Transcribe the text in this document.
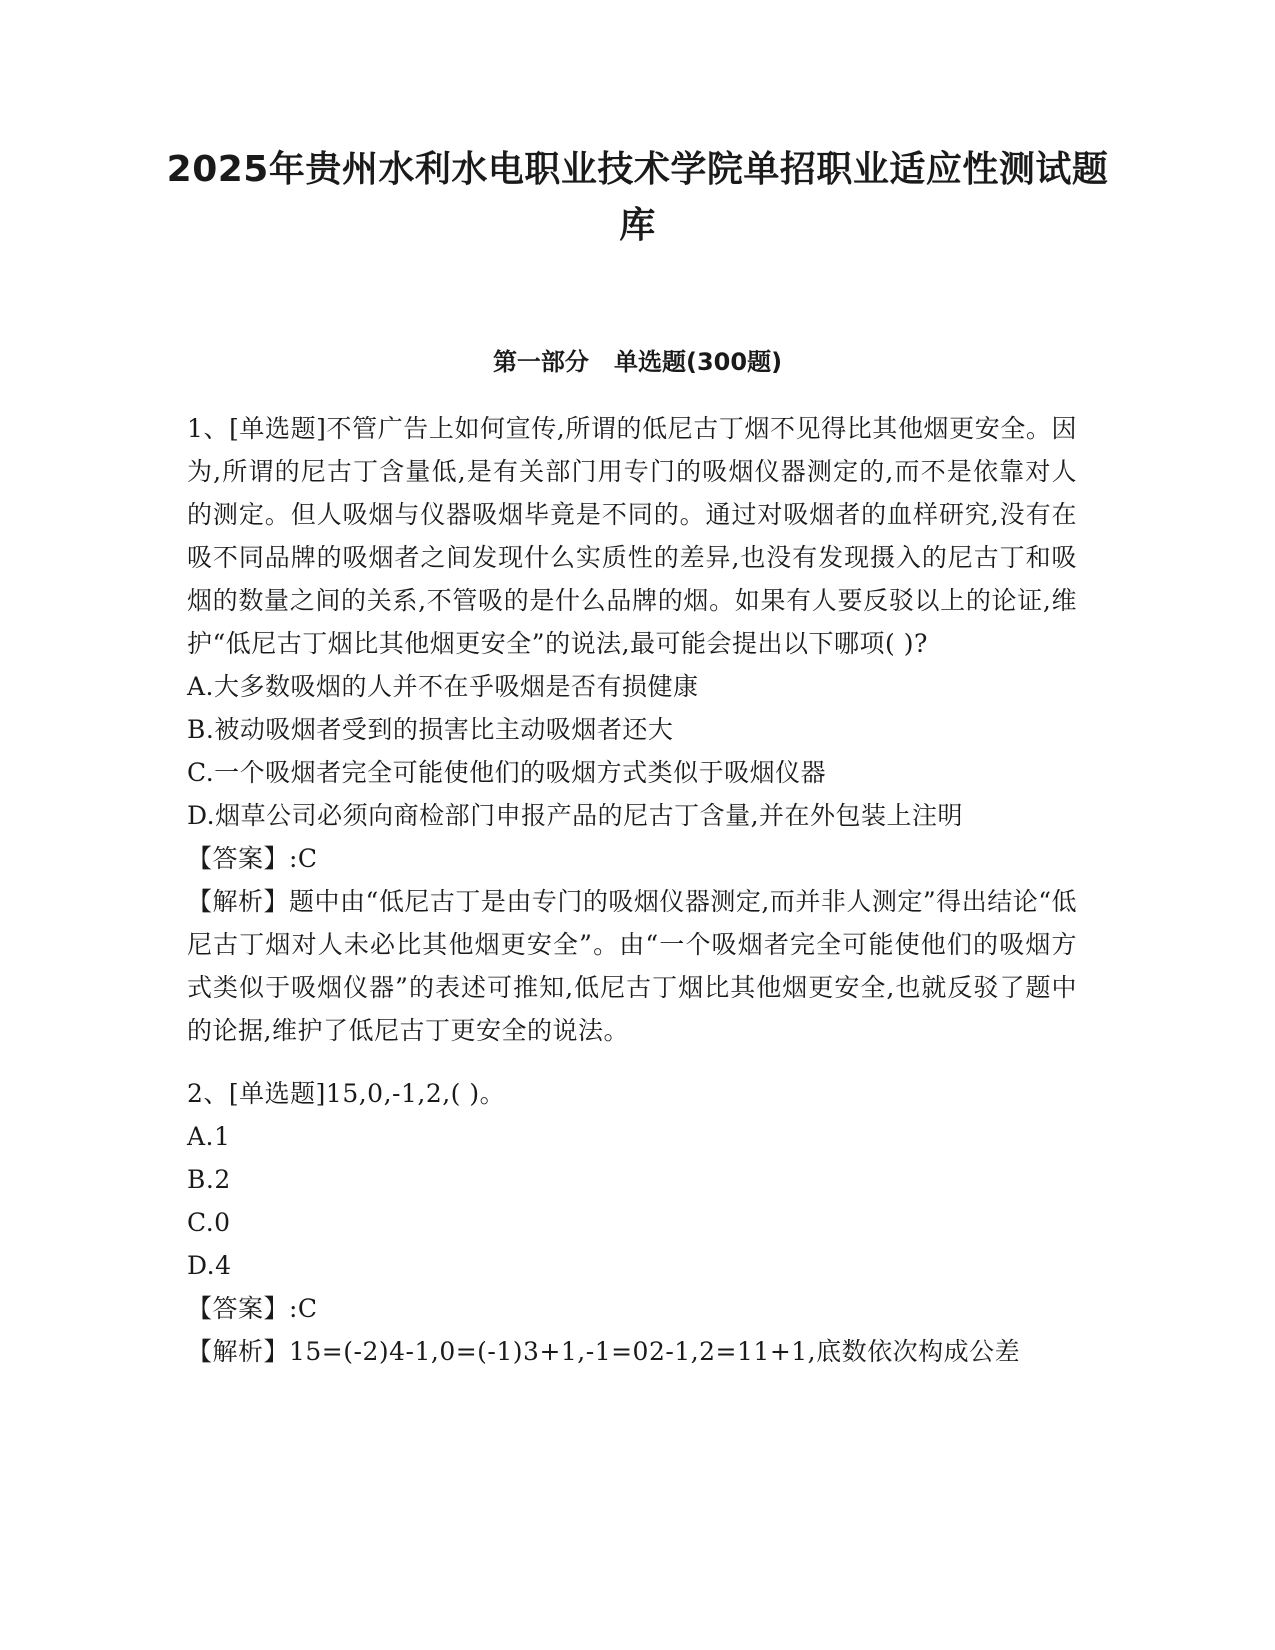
2025年贵州水利水电职业技术学院单招职业适应性测试题库
第一部分   单选题(300题)

1、[单选题]不管广告上如何宣传,所谓的低尼古丁烟不见得比其他烟更安全。因为,所谓的尼古丁含量低,是有关部门用专门的吸烟仪器测定的,而不是依靠对人的测定。但人吸烟与仪器吸烟毕竟是不同的。通过对吸烟者的血样研究,没有在吸不同品牌的吸烟者之间发现什么实质性的差异,也没有发现摄入的尼古丁和吸烟的数量之间的关系,不管吸的是什么品牌的烟。如果有人要反驳以上的论证,维护“低尼古丁烟比其他烟更安全”的说法,最可能会提出以下哪项( )?

A.大多数吸烟的人并不在乎吸烟是否有损健康

B.被动吸烟者受到的损害比主动吸烟者还大

C.一个吸烟者完全可能使他们的吸烟方式类似于吸烟仪器

D.烟草公司必须向商检部门申报产品的尼古丁含量,并在外包装上注明

【答案】:C

【解析】题中由“低尼古丁是由专门的吸烟仪器测定,而并非人测定”得出结论“低尼古丁烟对人未必比其他烟更安全”。由“一个吸烟者完全可能使他们的吸烟方式类似于吸烟仪器”的表述可推知,低尼古丁烟比其他烟更安全,也就反驳了题中的论据,维护了低尼古丁更安全的说法。

2、[单选题]15,0,-1,2,( )。

A.1

B.2

C.0

D.4

【答案】:C

【解析】15=(-2)4-1,0=(-1)3+1,-1=02-1,2=11+1,底数依次构成公差
